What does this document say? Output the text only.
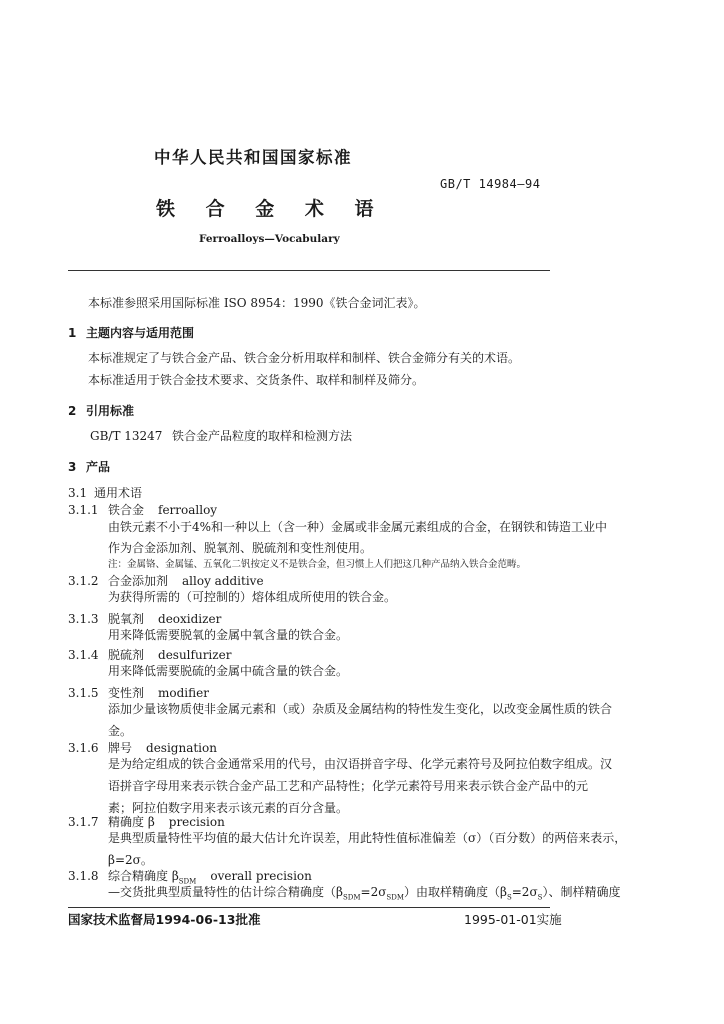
中华人民共和国国家标准
GB/T 14984—94
铁 合 金 术 语
Ferroalloys—Vocabulary
本标准参照采用国际标准 ISO 8954：1990《铁合金词汇表》。
1 主题内容与适用范围
本标准规定了与铁合金产品、铁合金分析用取样和制样、铁合金筛分有关的术语。
本标准适用于铁合金技术要求、交货条件、取样和制样及筛分。
2 引用标准
GB/T 13247 铁合金产品粒度的取样和检测方法
3 产品
3.1 通用术语
3.1.1 铁合金 ferroalloy
由铁元素不小于4%和一种以上（含一种）金属或非金属元素组成的合金，在钢铁和铸造工业中
作为合金添加剂、脱氧剂、脱硫剂和变性剂使用。
注：金属铬、金属锰、五氧化二钒按定义不是铁合金，但习惯上人们把这几种产品纳入铁合金范畴。
3.1.2 合金添加剂 alloy additive
为获得所需的（可控制的）熔体组成所使用的铁合金。
3.1.3 脱氧剂 deoxidizer
用来降低需要脱氧的金属中氧含量的铁合金。
3.1.4 脱硫剂 desulfurizer
用来降低需要脱硫的金属中硫含量的铁合金。
3.1.5 变性剂 modifier
添加少量该物质使非金属元素和（或）杂质及金属结构的特性发生变化，以改变金属性质的铁合
金。
3.1.6 牌号 designation
是为给定组成的铁合金通常采用的代号，由汉语拼音字母、化学元素符号及阿拉伯数字组成。汉
语拼音字母用来表示铁合金产品工艺和产品特性；化学元素符号用来表示铁合金产品中的元
素；阿拉伯数字用来表示该元素的百分含量。
3.1.7 精确度 β precision
是典型质量特性平均值的最大估计允许误差，用此特性值标准偏差（σ）（百分数）的两倍来表示，
β=2σ。
3.1.8 综合精确度 $\beta_{SDM}$ overall precision
—交货批典型质量特性的估计综合精确度$(\beta_{SDM}=2\sigma_{SDM})$由取样精确度$(\beta_S=2\sigma_S)$、制样精确度
国家技术监督局1994-06-13批准	1995-01-01实施
